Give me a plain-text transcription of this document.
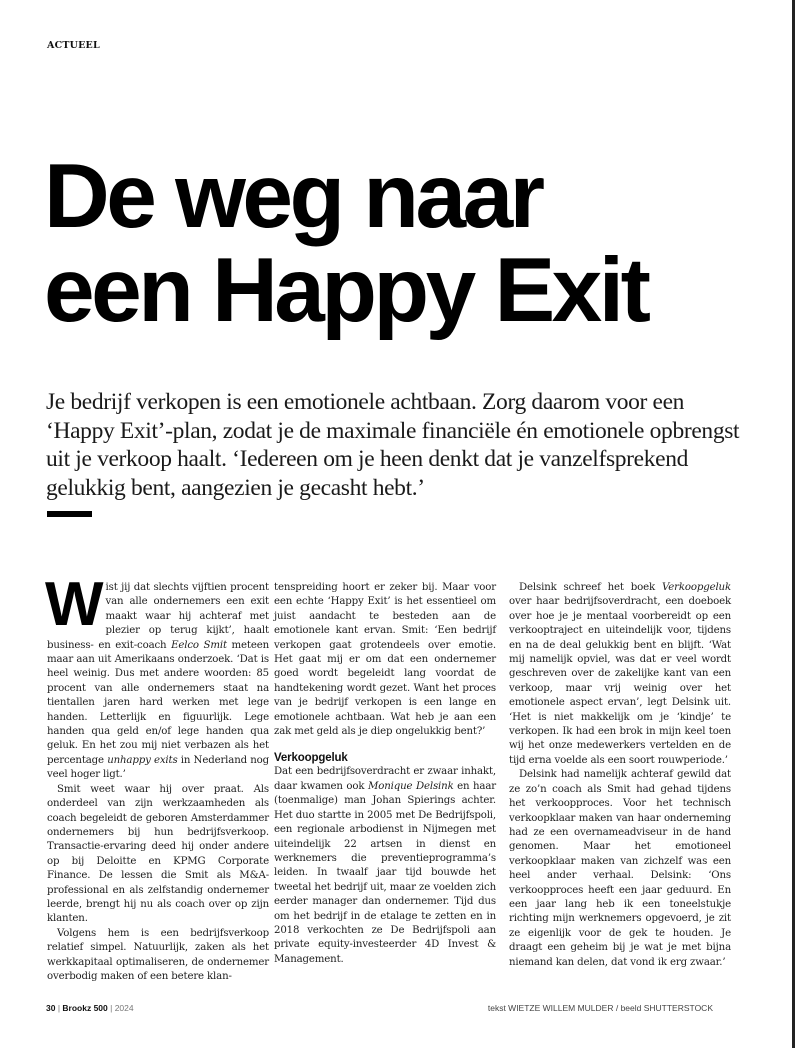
ACTUEEL
De weg naar
een Happy Exit

Je bedrijf verkopen is een emotionele achtbaan. Zorg daarom voor een ‘Happy Exit’-plan, zodat je de maximale financiële én emotionele opbrengst uit je verkoop haalt. ‘Iedereen om je heen denkt dat je vanzelfsprekend gelukkig bent, aangezien je gecasht hebt.’

Wist jij dat slechts vijftien procent van alle ondernemers een exit maakt waar hij achteraf met plezier op terug kijkt’, haalt business- en exit-coach Eelco Smit meteen maar aan uit Amerikaans onderzoek. ‘Dat is heel weinig. Dus met andere woorden: 85 procent van alle ondernemers staat na tientallen jaren hard werken met lege handen. Letterlijk en figuurlijk. Lege handen qua geld en/of lege handen qua geluk. En het zou mij niet verbazen als het percentage unhappy exits in Nederland nog veel hoger ligt.’

Smit weet waar hij over praat. Als onderdeel van zijn werkzaamheden als coach begeleidt de geboren Amsterdammer ondernemers bij hun bedrijfsverkoop. Transactie-ervaring deed hij onder andere op bij Deloitte en KPMG Corporate Finance. De lessen die Smit als M&A-professional en als zelfstandig ondernemer leerde, brengt hij nu als coach over op zijn klanten.

Volgens hem is een bedrijfsverkoop relatief simpel. Natuurlijk, zaken als het werkkapitaal optimaliseren, de ondernemer overbodig maken of een betere klan-

tenspreiding hoort er zeker bij. Maar voor een echte ‘Happy Exit’ is het essentieel om juist aandacht te besteden aan de emotionele kant ervan. Smit: ‘Een bedrijf verkopen gaat grotendeels over emotie. Het gaat mij er om dat een ondernemer goed wordt begeleidt lang voordat de handtekening wordt gezet. Want het proces van je bedrijf verkopen is een lange en emotionele achtbaan. Wat heb je aan een zak met geld als je diep ongelukkig bent?’

Verkoopgeluk

Dat een bedrijfsoverdracht er zwaar inhakt, daar kwamen ook Monique Delsink en haar (toenmalige) man Johan Spierings achter. Het duo startte in 2005 met De Bedrijfspoli, een regionale arbodienst in Nijmegen met uiteindelijk 22 artsen in dienst en werknemers die preventieprogramma’s leiden. In twaalf jaar tijd bouwde het tweetal het bedrijf uit, maar ze voelden zich eerder manager dan ondernemer. Tijd dus om het bedrijf in de etalage te zetten en in 2018 verkochten ze De Bedrijfspoli aan private equity-investeerder 4D Invest & Management.

Delsink schreef het boek Verkoopgeluk over haar bedrijfsoverdracht, een doeboek over hoe je je mentaal voorbereidt op een verkooptraject en uiteindelijk voor, tijdens en na de deal gelukkig bent en blijft. ‘Wat mij namelijk opviel, was dat er veel wordt geschreven over de zakelijke kant van een verkoop, maar vrij weinig over het emotionele aspect ervan’, legt Delsink uit. ‘Het is niet makkelijk om je ‘kindje’ te verkopen. Ik had een brok in mijn keel toen wij het onze medewerkers vertelden en de tijd erna voelde als een soort rouwperiode.’

Delsink had namelijk achteraf gewild dat ze zo’n coach als Smit had gehad tijdens het verkoopproces. Voor het technisch verkoopklaar maken van haar onderneming had ze een overnameadviseur in de hand genomen. Maar het emotioneel verkoopklaar maken van zichzelf was een heel ander verhaal. Delsink: ‘Ons verkoopproces heeft een jaar geduurd. En een jaar lang heb ik een toneelstukje richting mijn werknemers opgevoerd, je zit ze eigenlijk voor de gek te houden. Je draagt een geheim bij je wat je met bijna niemand kan delen, dat vond ik erg zwaar.’

30 | Brookz 500 | 2024	tekst WIETZE WILLEM MULDER / beeld SHUTTERSTOCK
